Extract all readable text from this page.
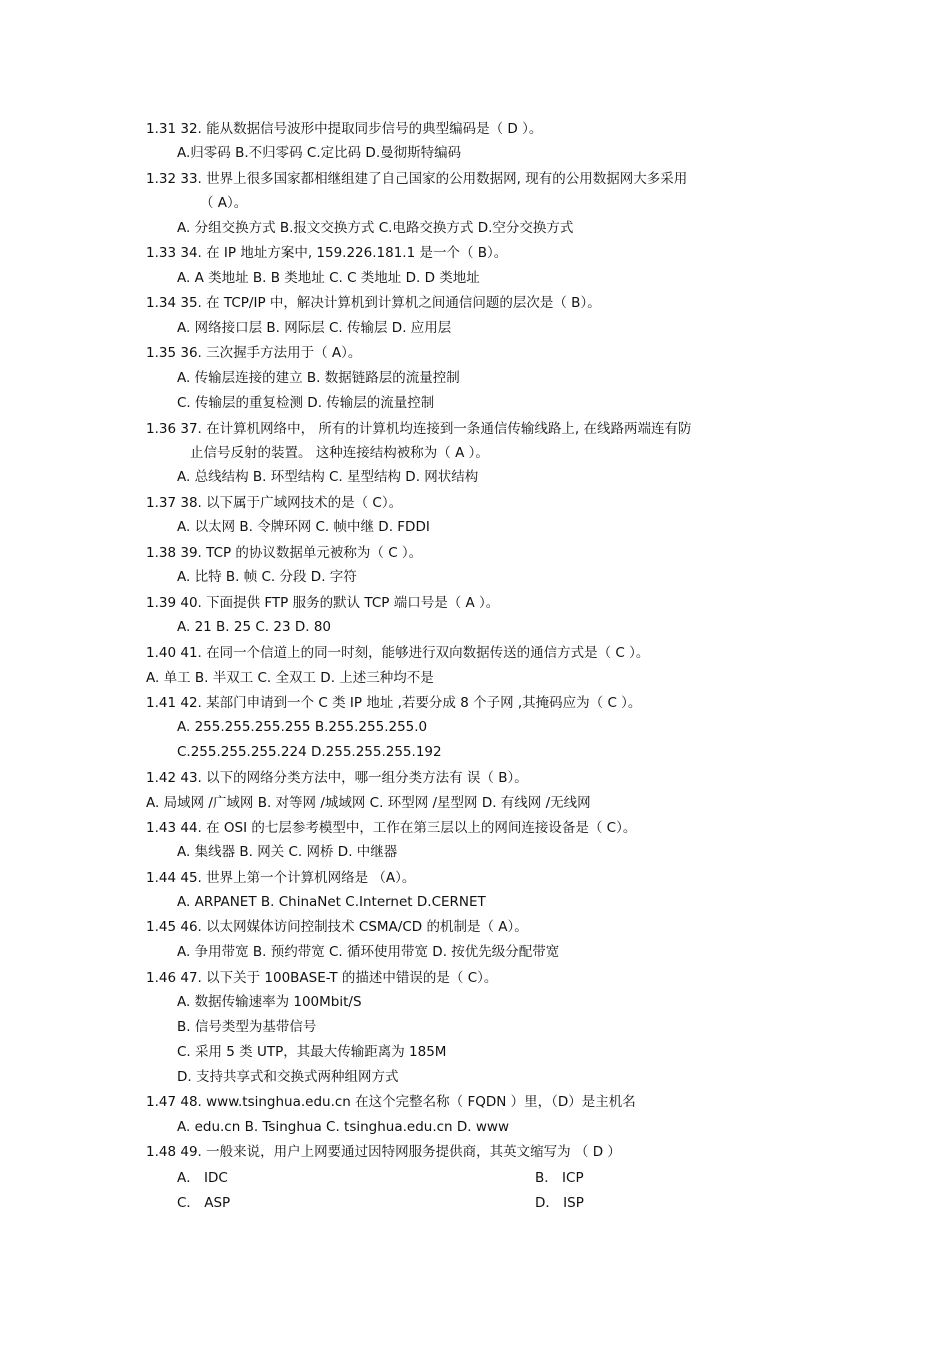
1.31 32. 能从数据信号波形中提取同步信号的典型编码是（ D ）。
A.归零码 B.不归零码 C.定比码 D.曼彻斯特编码
1.32 33. 世界上很多国家都相继组建了自己国家的公用数据网, 现有的公用数据网大多采用
（ A）。
A. 分组交换方式 B.报文交换方式 C.电路交换方式 D.空分交换方式
1.33 34. 在 IP 地址方案中, 159.226.181.1 是一个（ B）。
A. A 类地址 B. B 类地址 C. C 类地址 D. D 类地址
1.34 35. 在 TCP/IP 中，解决计算机到计算机之间通信问题的层次是（ B）。
A. 网络接口层 B. 网际层 C. 传输层 D. 应用层
1.35 36. 三次握手方法用于（ A）。
A. 传输层连接的建立 B. 数据链路层的流量控制
C. 传输层的重复检测 D. 传输层的流量控制
1.36 37. 在计算机网络中， 所有的计算机均连接到一条通信传输线路上, 在线路两端连有防
止信号反射的装置。 这种连接结构被称为（ A ）。
A. 总线结构 B. 环型结构 C. 星型结构 D. 网状结构
1.37 38. 以下属于广域网技术的是（ C）。
A. 以太网 B. 令牌环网 C. 帧中继 D. FDDI
1.38 39. TCP 的协议数据单元被称为（ C ）。
A. 比特 B. 帧 C. 分段 D. 字符
1.39 40. 下面提供 FTP 服务的默认 TCP 端口号是（ A ）。
A. 21 B. 25 C. 23 D. 80
1.40 41. 在同一个信道上的同一时刻，能够进行双向数据传送的通信方式是（ C ）。
A. 单工 B. 半双工 C. 全双工 D. 上述三种均不是
1.41 42. 某部门申请到一个 C 类 IP 地址 ,若要分成 8 个子网 ,其掩码应为（ C ）。
A. 255.255.255.255 B.255.255.255.0
C.255.255.255.224 D.255.255.255.192
1.42 43. 以下的网络分类方法中，哪一组分类方法有 误（ B）。
A. 局域网 /广域网 B. 对等网 /城域网 C. 环型网 /星型网 D. 有线网 /无线网
1.43 44. 在 OSI 的七层参考模型中，工作在第三层以上的网间连接设备是（ C）。
A. 集线器 B. 网关 C. 网桥 D. 中继器
1.44 45. 世界上第一个计算机网络是 （A）。
A. ARPANET B. ChinaNet C.Internet D.CERNET
1.45 46. 以太网媒体访问控制技术 CSMA/CD 的机制是（ A）。
A. 争用带宽 B. 预约带宽 C. 循环使用带宽 D. 按优先级分配带宽
1.46 47. 以下关于 100BASE-T 的描述中错误的是（ C）。
A. 数据传输速率为 100Mbit/S
B. 信号类型为基带信号
C. 采用 5 类 UTP，其最大传输距离为 185M
D. 支持共享式和交换式两种组网方式
1.47 48. www.tsinghua.edu.cn 在这个完整名称（ FQDN ）里，（D）是主机名
A. edu.cn B. Tsinghua C. tsinghua.edu.cn D. www
1.48 49. 一般来说，用户上网要通过因特网服务提供商，其英文缩写为 （ D ）
A． IDC	B． ICP
C． ASP	D． ISP
